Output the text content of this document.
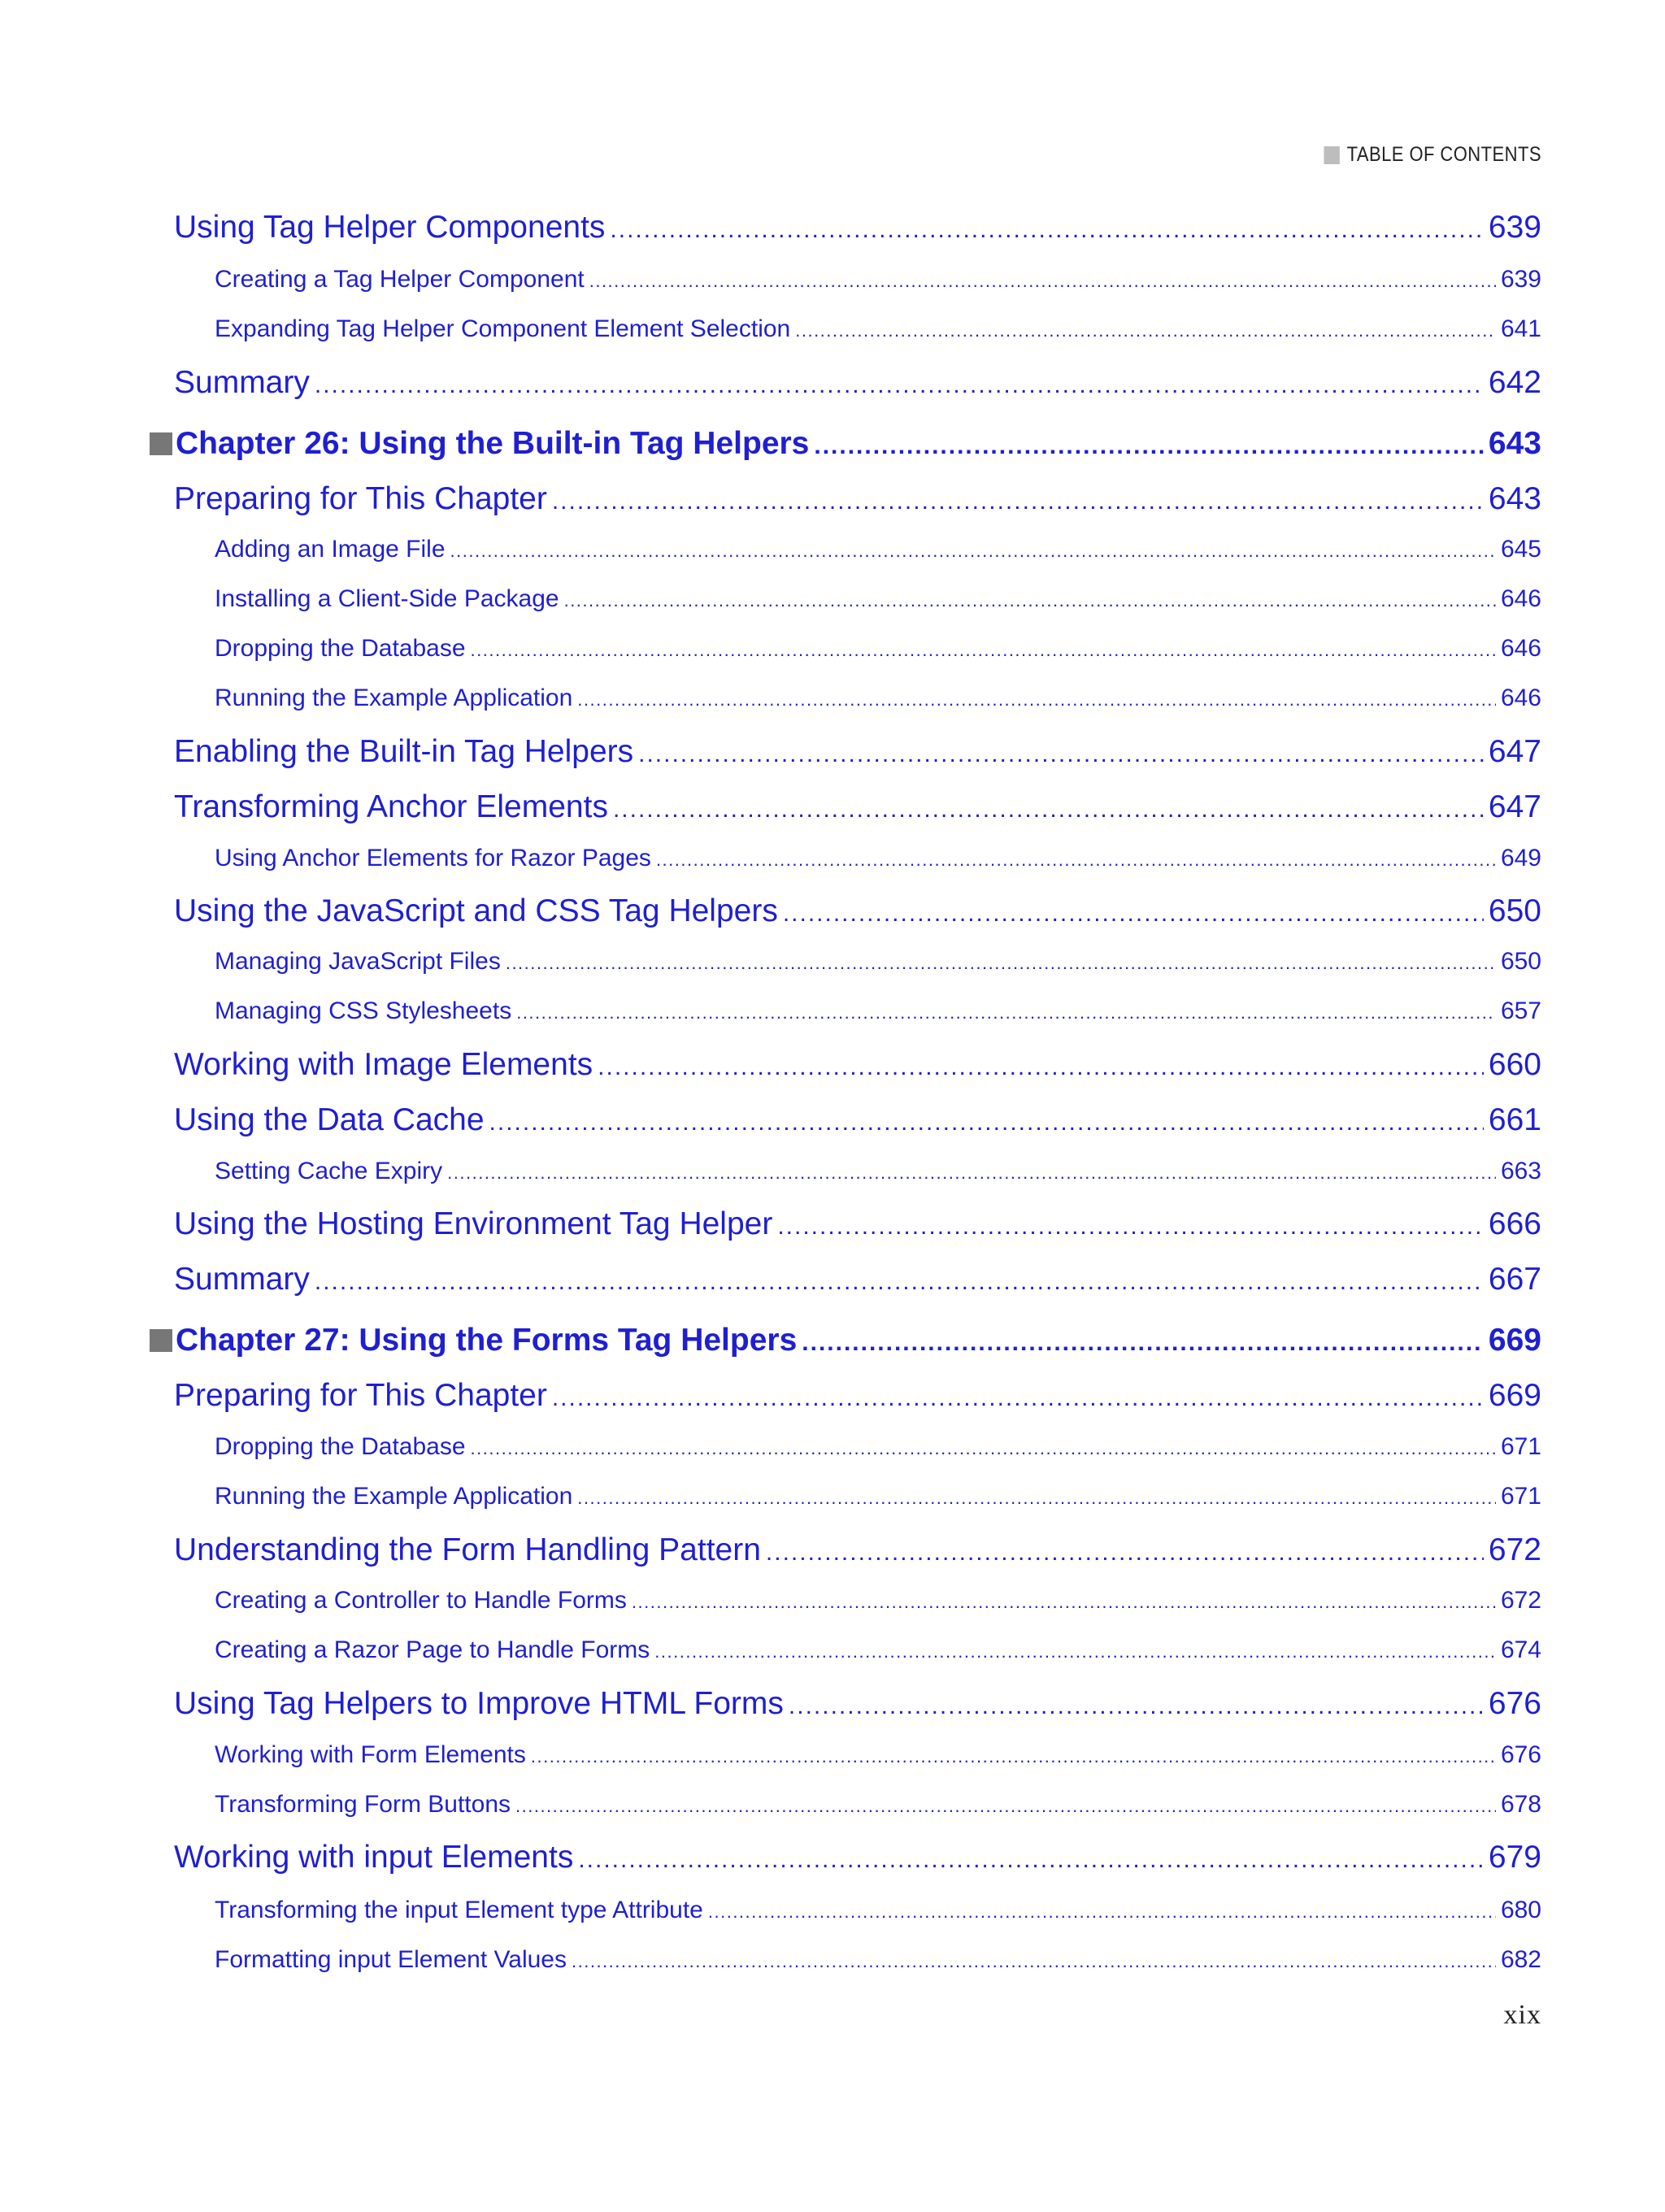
TABLE OF CONTENTS
Using Tag Helper Components .....	639
Creating a Tag Helper Component .....	639
Expanding Tag Helper Component Element Selection .....	641
Summary .....	642
Chapter 26: Using the Built-in Tag Helpers .....	643
Preparing for This Chapter .....	643
Adding an Image File .....	645
Installing a Client-Side Package .....	646
Dropping the Database .....	646
Running the Example Application .....	646
Enabling the Built-in Tag Helpers .....	647
Transforming Anchor Elements .....	647
Using Anchor Elements for Razor Pages .....	649
Using the JavaScript and CSS Tag Helpers .....	650
Managing JavaScript Files .....	650
Managing CSS Stylesheets .....	657
Working with Image Elements .....	660
Using the Data Cache .....	661
Setting Cache Expiry .....	663
Using the Hosting Environment Tag Helper .....	666
Summary .....	667
Chapter 27: Using the Forms Tag Helpers .....	669
Preparing for This Chapter .....	669
Dropping the Database .....	671
Running the Example Application .....	671
Understanding the Form Handling Pattern .....	672
Creating a Controller to Handle Forms .....	672
Creating a Razor Page to Handle Forms .....	674
Using Tag Helpers to Improve HTML Forms .....	676
Working with Form Elements .....	676
Transforming Form Buttons .....	678
Working with input Elements .....	679
Transforming the input Element type Attribute .....	680
Formatting input Element Values .....	682
xix
